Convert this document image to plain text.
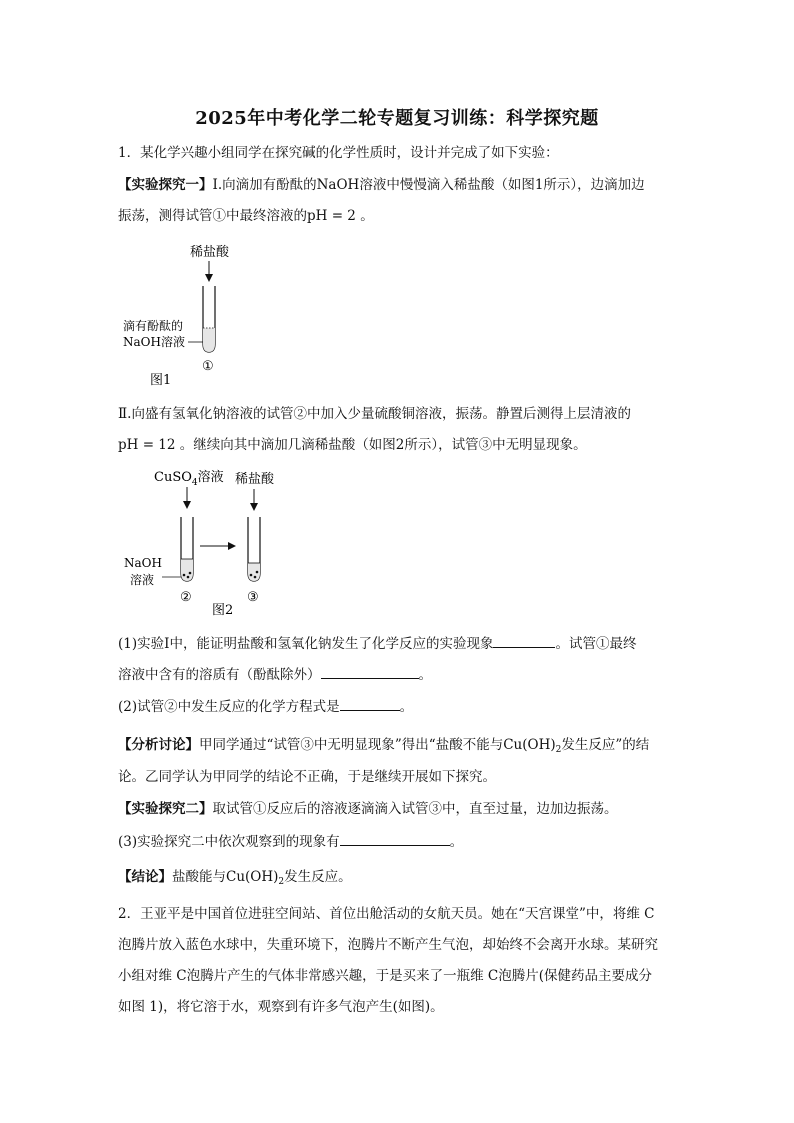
2025年中考化学二轮专题复习训练：科学探究题
1．某化学兴趣小组同学在探究碱的化学性质时，设计并完成了如下实验：
【实验探究一】Ⅰ.向滴加有酚酞的NaOH溶液中慢慢滴入稀盐酸（如图1所示），边滴加边
振荡，测得试管①中最终溶液的pH = 2 。
稀盐酸
滴有酚酞的
NaOH溶液
①
图1
Ⅱ.向盛有氢氧化钠溶液的试管②中加入少量硫酸铜溶液，振荡。静置后测得上层清液的
pH = 12 。继续向其中滴加几滴稀盐酸（如图2所示），试管③中无明显现象。
CuSO$_4$溶液 稀盐酸
NaOH
溶液
②	③
图2
(1)实验Ⅰ中，能证明盐酸和氢氧化钠发生了化学反应的实验现象	。试管①最终
溶液中含有的溶质有（酚酞除外）	。
(2)试管②中发生反应的化学方程式是	。
【分析讨论】甲同学通过“试管③中无明显现象”得出“盐酸不能与$Cu(OH)_2$发生反应”的结
论。乙同学认为甲同学的结论不正确，于是继续开展如下探究。
【实验探究二】取试管①反应后的溶液逐滴滴入试管③中，直至过量，边加边振荡。
(3)实验探究二中依次观察到的现象有	。
【结论】盐酸能与$Cu(OH)_2$发生反应。
2．王亚平是中国首位进驻空间站、首位出舱活动的女航天员。她在“天宫课堂”中，将维 C
泡腾片放入蓝色水球中，失重环境下，泡腾片不断产生气泡，却始终不会离开水球。某研究
小组对维 C泡腾片产生的气体非常感兴趣，于是买来了一瓶维 C泡腾片(保健药品主要成分
如图 1)，将它溶于水，观察到有许多气泡产生(如图)。
